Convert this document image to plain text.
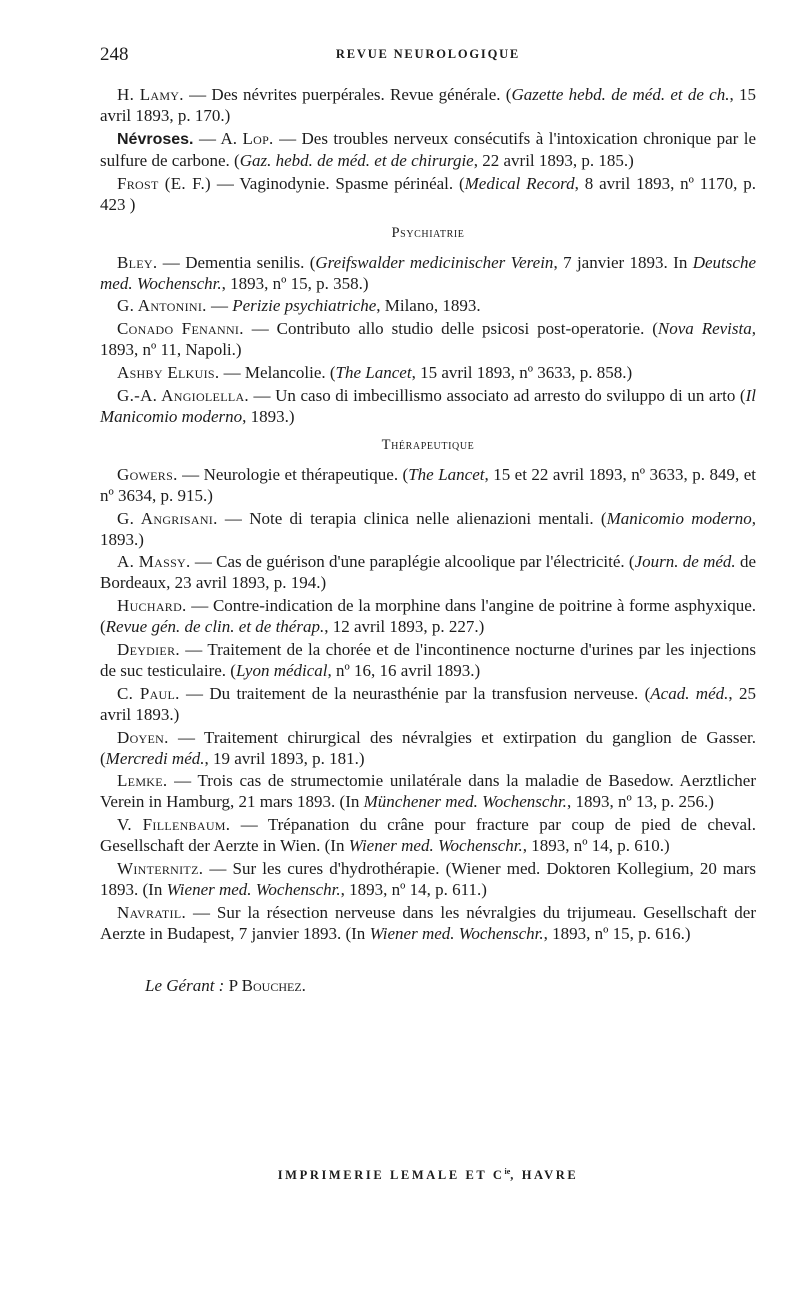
248	REVUE NEUROLOGIQUE

H. Lamy. — Des névrites puerpérales. Revue générale. (Gazette hebd. de méd. et de ch., 15 avril 1893, p. 170.)

Névroses. — A. Lop. — Des troubles nerveux consécutifs à l'intoxication chronique par le sulfure de carbone. (Gaz. hebd. de méd. et de chirurgie, 22 avril 1893, p. 185.)

Frost (E. F.) — Vaginodynie. Spasme périnéal. (Medical Record, 8 avril 1893, nº 1170, p. 423 )

Psychiatrie

Bley. — Dementia senilis. (Greifswalder medicinischer Verein, 7 janvier 1893. In Deutsche med. Wochenschr., 1893, nº 15, p. 358.)

G. Antonini. — Perizie psychiatriche, Milano, 1893.

Conado Fenanni. — Contributo allo studio delle psicosi post-operatorie. (Nova Revista, 1893, nº 11, Napoli.)

Ashby Elkuis. — Melancolie. (The Lancet, 15 avril 1893, nº 3633, p. 858.)

G.-A. Angiolella. — Un caso di imbecillismo associato ad arresto do sviluppo di un arto (Il Manicomio moderno, 1893.)

Thérapeutique

Gowers. — Neurologie et thérapeutique. (The Lancet, 15 et 22 avril 1893, nº 3633, p. 849, et nº 3634, p. 915.)

G. Angrisani. — Note di terapia clinica nelle alienazioni mentali. (Manicomio moderno, 1893.)

A. Massy. — Cas de guérison d'une paraplégie alcoolique par l'électricité. (Journ. de méd. de Bordeaux, 23 avril 1893, p. 194.)

Huchard. — Contre-indication de la morphine dans l'angine de poitrine à forme asphyxique. (Revue gén. de clin. et de thérap., 12 avril 1893, p. 227.)

Deydier. — Traitement de la chorée et de l'incontinence nocturne d'urines par les injections de suc testiculaire. (Lyon médical, nº 16, 16 avril 1893.)

C. Paul. — Du traitement de la neurasthénie par la transfusion nerveuse. (Acad. méd., 25 avril 1893.)

Doyen. — Traitement chirurgical des névralgies et extirpation du ganglion de Gasser. (Mercredi méd., 19 avril 1893, p. 181.)

Lemke. — Trois cas de strumectomie unilatérale dans la maladie de Basedow. Aerztlicher Verein in Hamburg, 21 mars 1893. (In Münchener med. Wochenschr., 1893, nº 13, p. 256.)

V. Fillenbaum. — Trépanation du crâne pour fracture par coup de pied de cheval. Gesellschaft der Aerzte in Wien. (In Wiener med. Wochenschr., 1893, nº 14, p. 610.)

Winternitz. — Sur les cures d'hydrothérapie. (Wiener med. Doktoren Kollegium, 20 mars 1893. (In Wiener med. Wochenschr., 1893, nº 14, p. 611.)

Navratil. — Sur la résection nerveuse dans les névralgies du trijumeau. Gesellschaft der Aerzte in Budapest, 7 janvier 1893. (In Wiener med. Wochenschr., 1893, nº 15, p. 616.)

Le Gérant : P Bouchez.

IMPRIMERIE LEMALE ET $C^{ie}$, HAVRE
